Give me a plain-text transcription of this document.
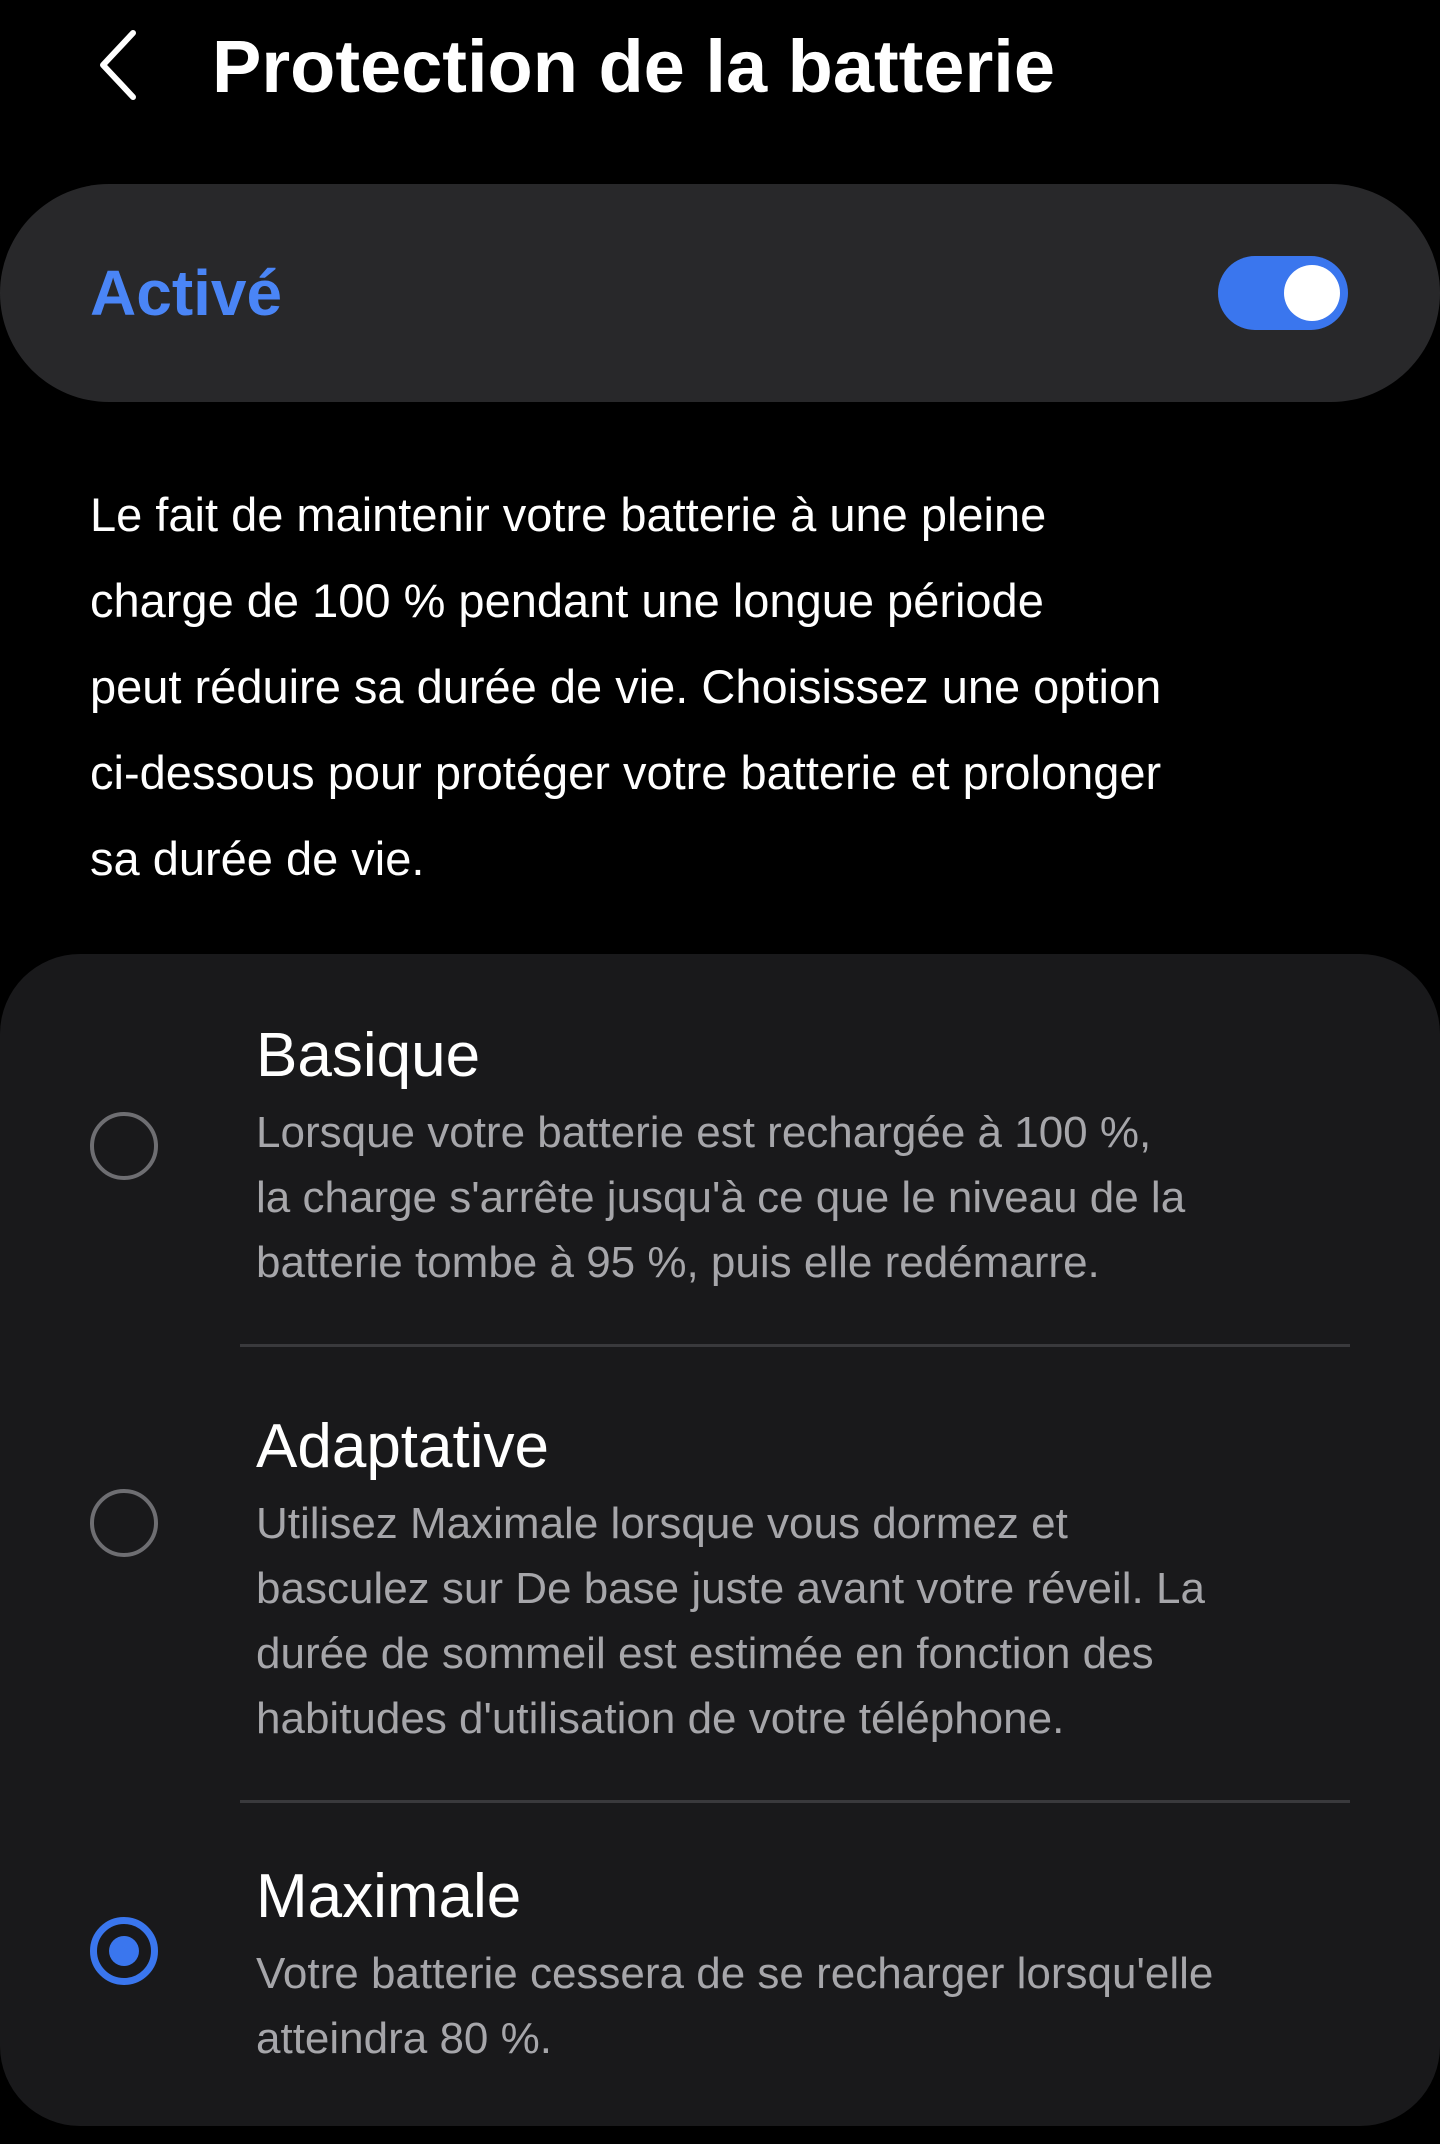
Protection de la batterie
Activé
Le fait de maintenir votre batterie à une pleine
charge de 100 % pendant une longue période
peut réduire sa durée de vie. Choisissez une option
ci-dessous pour protéger votre batterie et prolonger
sa durée de vie.
Basique
Lorsque votre batterie est rechargée à 100 %,
la charge s'arrête jusqu'à ce que le niveau de la
batterie tombe à 95 %, puis elle redémarre.
Adaptative
Utilisez Maximale lorsque vous dormez et
basculez sur De base juste avant votre réveil. La
durée de sommeil est estimée en fonction des
habitudes d'utilisation de votre téléphone.
Maximale
Votre batterie cessera de se recharger lorsqu'elle
atteindra 80 %.
